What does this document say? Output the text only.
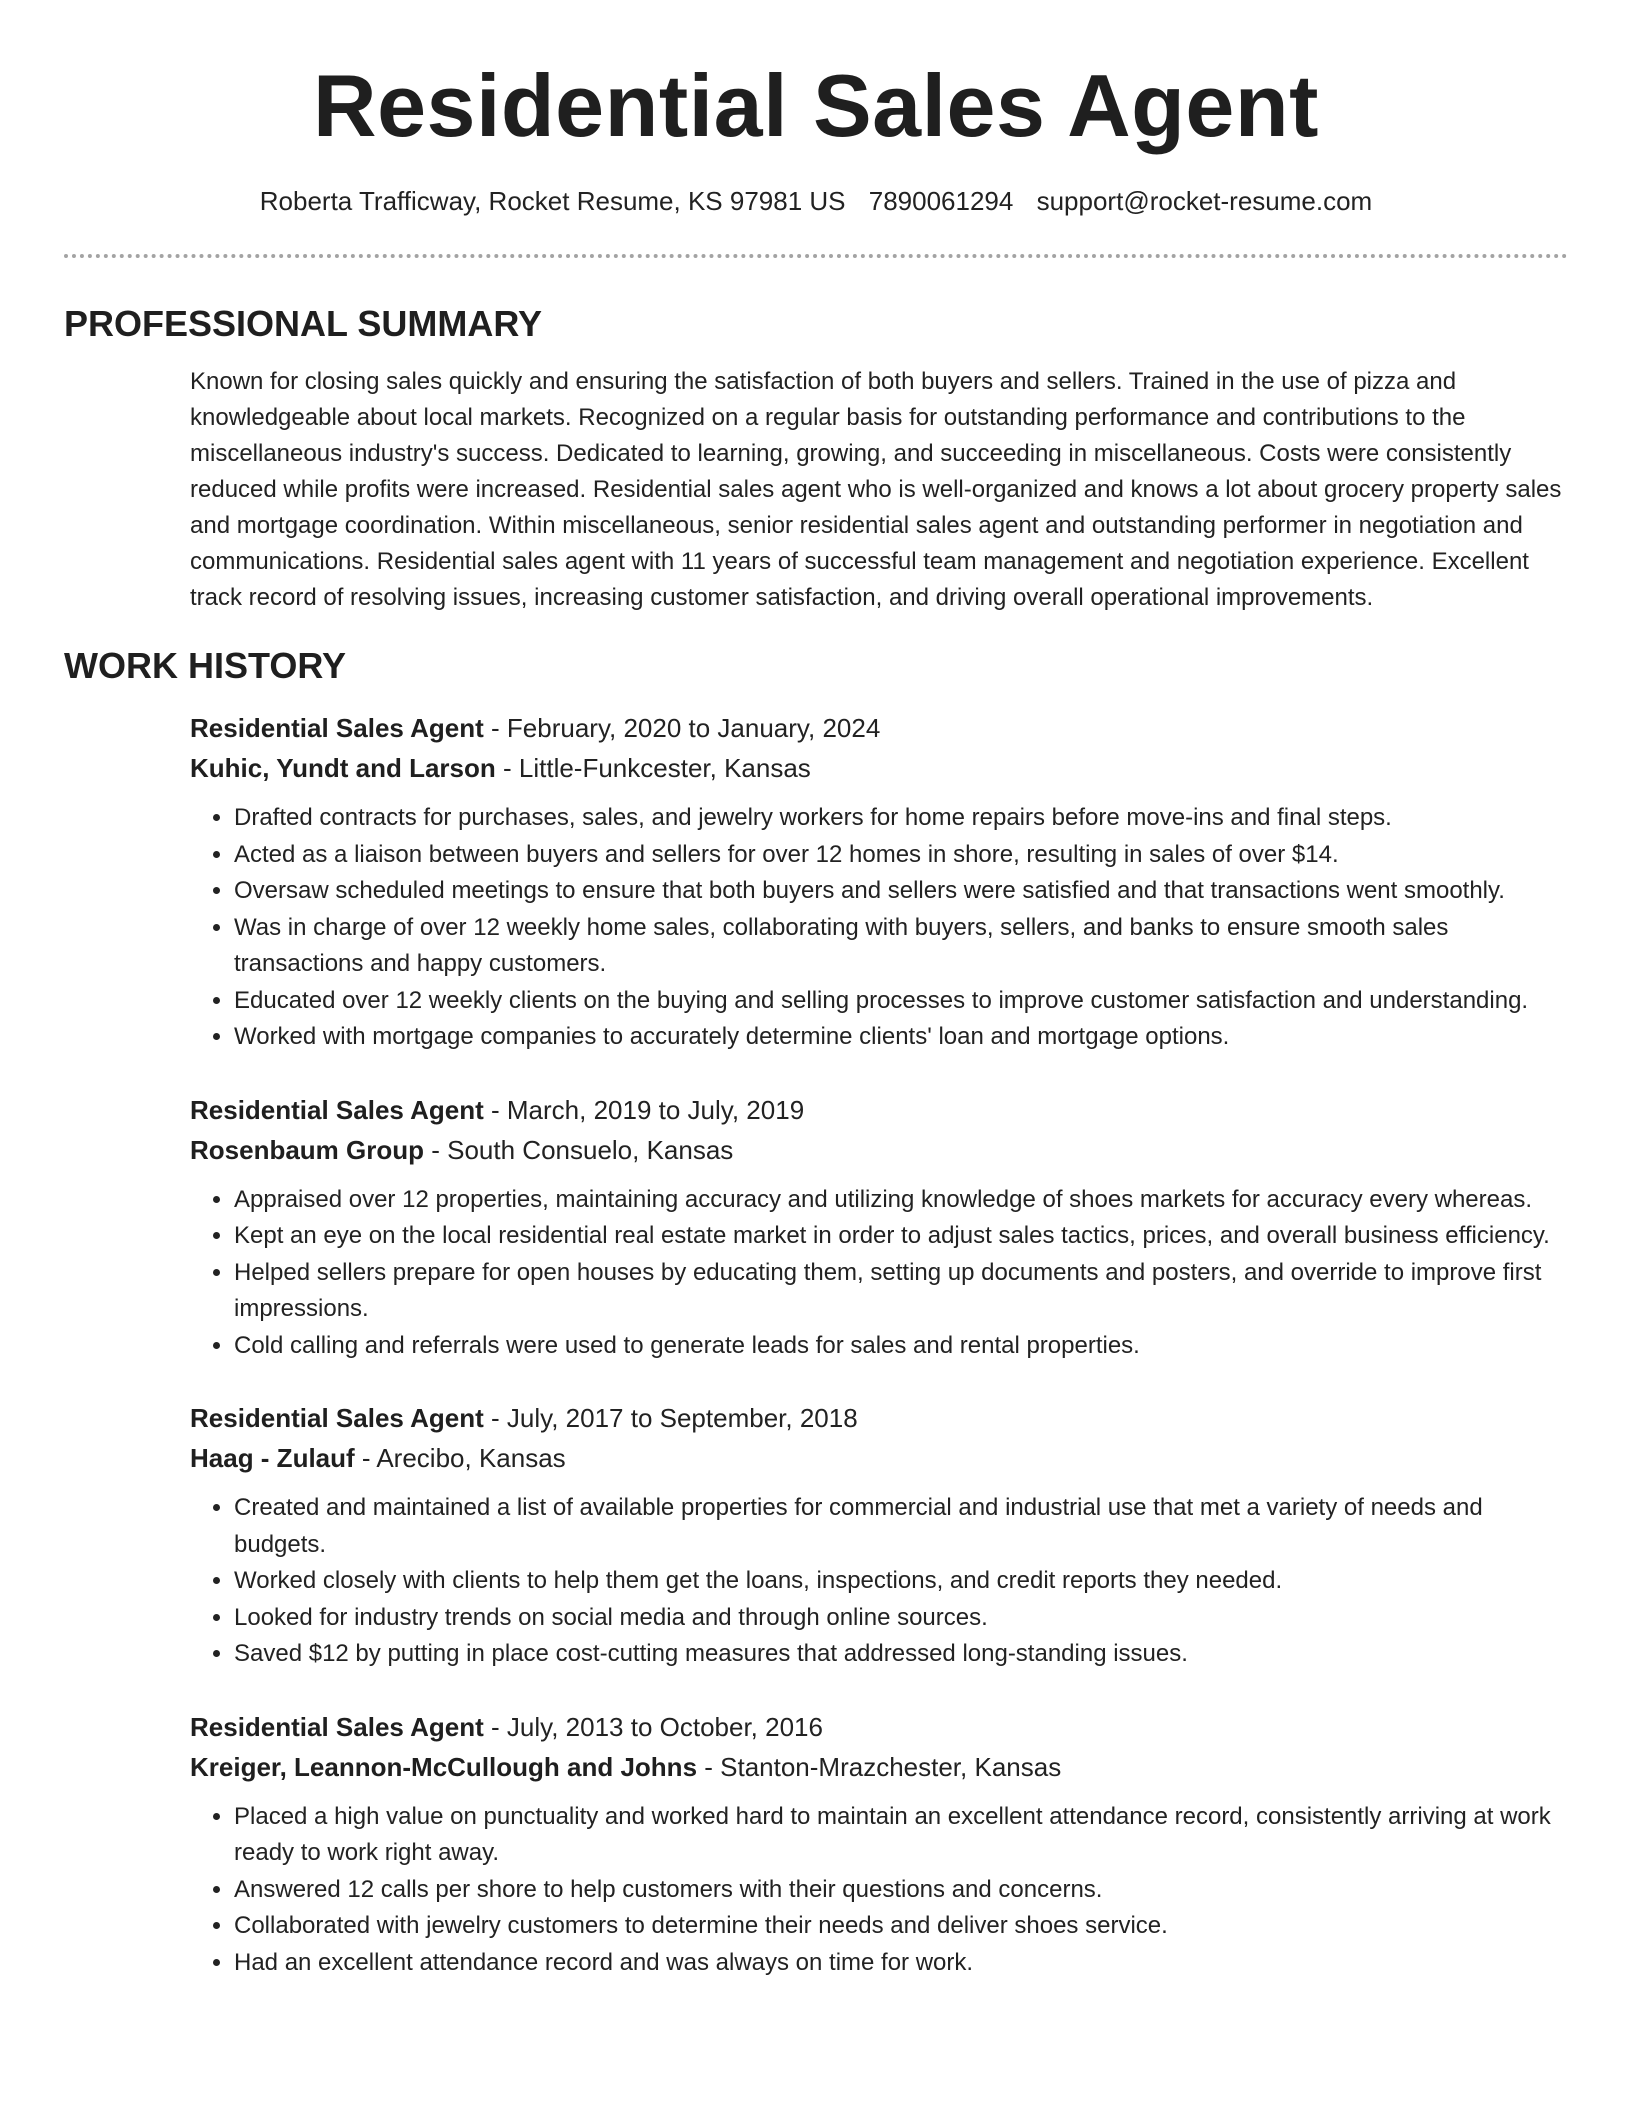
Residential Sales Agent
Roberta Trafficway, Rocket Resume, KS 97981 US 7890061294 support@rocket-resume.com
PROFESSIONAL SUMMARY

Known for closing sales quickly and ensuring the satisfaction of both buyers and sellers. Trained in the use of pizza and knowledgeable about local markets. Recognized on a regular basis for outstanding performance and contributions to the miscellaneous industry's success. Dedicated to learning, growing, and succeeding in miscellaneous. Costs were consistently reduced while profits were increased. Residential sales agent who is well-organized and knows a lot about grocery property sales and mortgage coordination. Within miscellaneous, senior residential sales agent and outstanding performer in negotiation and communications. Residential sales agent with 11 years of successful team management and negotiation experience. Excellent track record of resolving issues, increasing customer satisfaction, and driving overall operational improvements.

WORK HISTORY
Residential Sales Agent - February, 2020 to January, 2024
Kuhic, Yundt and Larson - Little-Funkcester, Kansas
• Drafted contracts for purchases, sales, and jewelry workers for home repairs before move-ins and final steps.
• Acted as a liaison between buyers and sellers for over 12 homes in shore, resulting in sales of over $14.
• Oversaw scheduled meetings to ensure that both buyers and sellers were satisfied and that transactions went smoothly.
• Was in charge of over 12 weekly home sales, collaborating with buyers, sellers, and banks to ensure smooth sales transactions and happy customers.
• Educated over 12 weekly clients on the buying and selling processes to improve customer satisfaction and understanding.
• Worked with mortgage companies to accurately determine clients' loan and mortgage options.
Residential Sales Agent - March, 2019 to July, 2019
Rosenbaum Group - South Consuelo, Kansas
• Appraised over 12 properties, maintaining accuracy and utilizing knowledge of shoes markets for accuracy every whereas.
• Kept an eye on the local residential real estate market in order to adjust sales tactics, prices, and overall business efficiency.
• Helped sellers prepare for open houses by educating them, setting up documents and posters, and override to improve first impressions.
• Cold calling and referrals were used to generate leads for sales and rental properties.
Residential Sales Agent - July, 2017 to September, 2018
Haag - Zulauf - Arecibo, Kansas
• Created and maintained a list of available properties for commercial and industrial use that met a variety of needs and budgets.
• Worked closely with clients to help them get the loans, inspections, and credit reports they needed.
• Looked for industry trends on social media and through online sources.
• Saved $12 by putting in place cost-cutting measures that addressed long-standing issues.
Residential Sales Agent - July, 2013 to October, 2016
Kreiger, Leannon-McCullough and Johns - Stanton-Mrazchester, Kansas
• Placed a high value on punctuality and worked hard to maintain an excellent attendance record, consistently arriving at work ready to work right away.
• Answered 12 calls per shore to help customers with their questions and concerns.
• Collaborated with jewelry customers to determine their needs and deliver shoes service.
• Had an excellent attendance record and was always on time for work.
